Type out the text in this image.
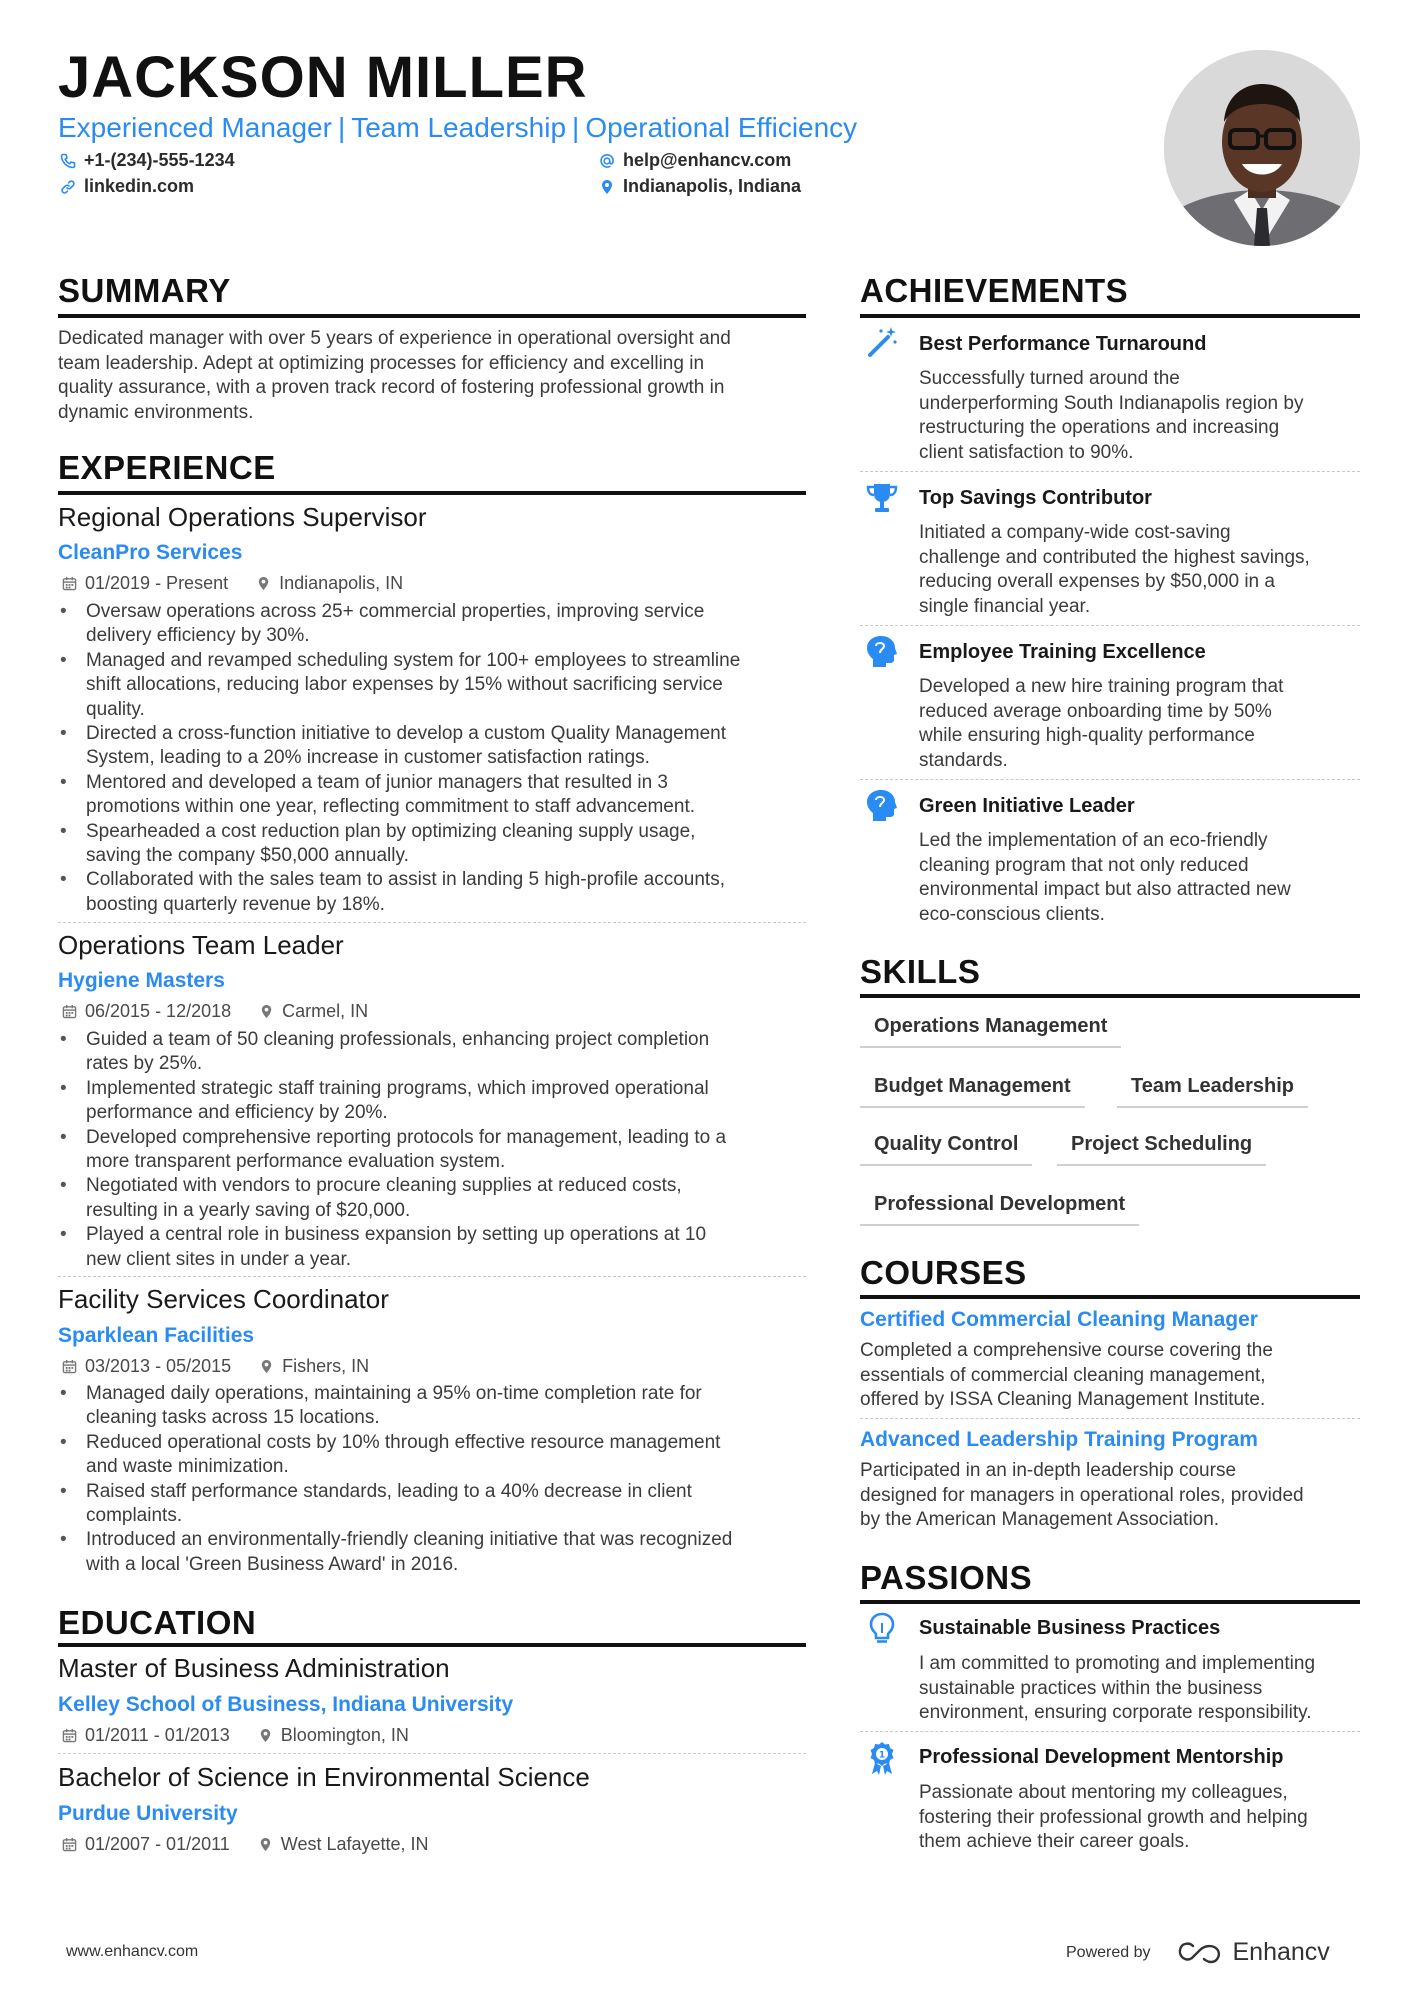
JACKSON MILLER
Experienced Manager | Team Leadership | Operational Efficiency
+1-(234)-555-1234	help@enhancv.com
linkedin.com	Indianapolis, Indiana
SUMMARY
Dedicated manager with over 5 years of experience in operational oversight and
team leadership. Adept at optimizing processes for efficiency and excelling in
quality assurance, with a proven track record of fostering professional growth in
dynamic environments.
EXPERIENCE
Regional Operations Supervisor
CleanPro Services
01/2019 - Present	Indianapolis, IN
• Oversaw operations across 25+ commercial properties, improving service
delivery efficiency by 30%.
• Managed and revamped scheduling system for 100+ employees to streamline
shift allocations, reducing labor expenses by 15% without sacrificing service
quality.
• Directed a cross-function initiative to develop a custom Quality Management
System, leading to a 20% increase in customer satisfaction ratings.
• Mentored and developed a team of junior managers that resulted in 3
promotions within one year, reflecting commitment to staff advancement.
• Spearheaded a cost reduction plan by optimizing cleaning supply usage,
saving the company $50,000 annually.
• Collaborated with the sales team to assist in landing 5 high-profile accounts,
boosting quarterly revenue by 18%.
Operations Team Leader
Hygiene Masters
06/2015 - 12/2018	Carmel, IN
• Guided a team of 50 cleaning professionals, enhancing project completion
rates by 25%.
• Implemented strategic staff training programs, which improved operational
performance and efficiency by 20%.
• Developed comprehensive reporting protocols for management, leading to a
more transparent performance evaluation system.
• Negotiated with vendors to procure cleaning supplies at reduced costs,
resulting in a yearly saving of $20,000.
• Played a central role in business expansion by setting up operations at 10
new client sites in under a year.
Facility Services Coordinator
Sparklean Facilities
03/2013 - 05/2015	Fishers, IN
• Managed daily operations, maintaining a 95% on-time completion rate for
cleaning tasks across 15 locations.
• Reduced operational costs by 10% through effective resource management
and waste minimization.
• Raised staff performance standards, leading to a 40% decrease in client
complaints.
• Introduced an environmentally-friendly cleaning initiative that was recognized
with a local 'Green Business Award' in 2016.
EDUCATION
Master of Business Administration
Kelley School of Business, Indiana University
01/2011 - 01/2013	Bloomington, IN
Bachelor of Science in Environmental Science
Purdue University
01/2007 - 01/2011	West Lafayette, IN
ACHIEVEMENTS
Best Performance Turnaround
Successfully turned around the
underperforming South Indianapolis region by
restructuring the operations and increasing
client satisfaction to 90%.
Top Savings Contributor
Initiated a company-wide cost-saving
challenge and contributed the highest savings,
reducing overall expenses by $50,000 in a
single financial year.
Employee Training Excellence
Developed a new hire training program that
reduced average onboarding time by 50%
while ensuring high-quality performance
standards.
Green Initiative Leader
Led the implementation of an eco-friendly
cleaning program that not only reduced
environmental impact but also attracted new
eco-conscious clients.
SKILLS
Operations Management
Budget Management	Team Leadership
Quality Control	Project Scheduling
Professional Development
COURSES
Certified Commercial Cleaning Manager
Completed a comprehensive course covering the
essentials of commercial cleaning management,
offered by ISSA Cleaning Management Institute.
Advanced Leadership Training Program
Participated in an in-depth leadership course
designed for managers in operational roles, provided
by the American Management Association.
PASSIONS
Sustainable Business Practices
I am committed to promoting and implementing
sustainable practices within the business
environment, ensuring corporate responsibility.
1 Professional Development Mentorship
Passionate about mentoring my colleagues,
fostering their professional growth and helping
them achieve their career goals.
www.enhancv.com	Powered by	Enhancv
